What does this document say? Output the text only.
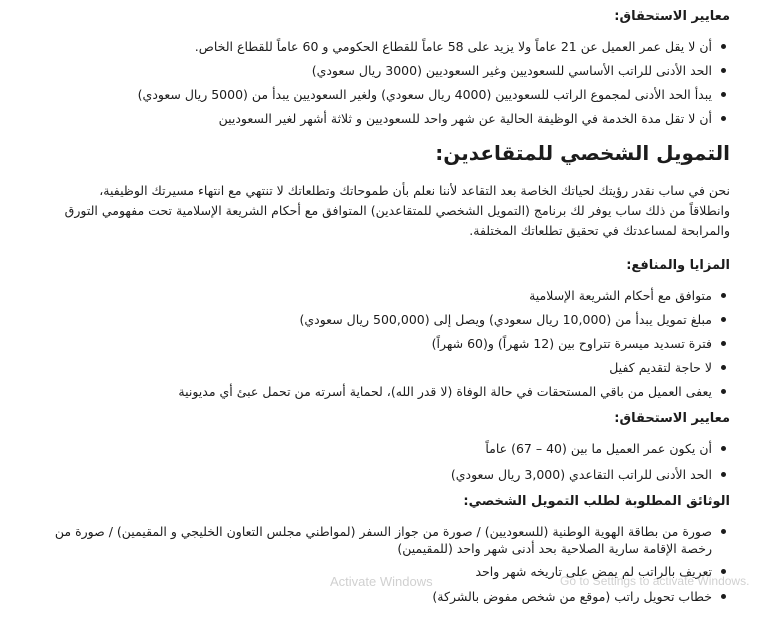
معايير الاستحقاق:

أن لا يقل عمر العميل عن 21 عاماً ولا يزيد على 58 عاماً للقطاع الحكومي و 60 عاماً للقطاع الخاص.
الحد الأدنى للراتب الأساسي للسعوديين وغير السعوديين (3000 ريال سعودي)
يبدأ الحد الأدنى لمجموع الراتب للسعوديين (4000 ريال سعودي) ولغير السعوديين يبدأ من (5000 ريال سعودي)
أن لا تقل مدة الخدمة في الوظيفة الحالية عن شهر واحد للسعوديين و ثلاثة أشهر لغير السعوديين
التمويل الشخصي للمتقاعدين:

نحن في ساب نقدر رؤيتك لحياتك الخاصة بعد التقاعد لأننا نعلم بأن طموحاتك وتطلعاتك لا تنتهي مع انتهاء مسيرتك الوظيفية،

وانطلاقاً من ذلك ساب يوفر لك برنامج (التمويل الشخصي للمتقاعدين) المتوافق مع أحكام الشريعة الإسلامية تحت مفهومي التورق

والمرابحة لمساعدتك في تحقيق تطلعاتك المختلفة.

المزايا والمنافع:

متوافق مع أحكام الشريعة الإسلامية
مبلغ تمويل يبدأ من (10,000 ريال سعودي) ويصل إلى (500,000 ريال سعودي)
فترة تسديد ميسرة تتراوح بين (12 شهراً) و(60 شهراً)
لا حاجة لتقديم كفيل
يعفى العميل من باقي المستحقات في حالة الوفاة (لا قدر الله)، لحماية أسرته من تحمل عبئ أي مديونية

معايير الاستحقاق:

أن يكون عمر العميل ما بين (40 – 67) عاماً
الحد الأدنى للراتب التقاعدي (3,000 ريال سعودي)

الوثائق المطلوبة لطلب التمويل الشخصي:

صورة من بطاقة الهوية الوطنية (للسعوديين) / صورة من جواز السفر (لمواطني مجلس التعاون الخليجي و المقيمين) / صورة من رخصة الإقامة سارية الصلاحية بحد أدنى شهر واحد (للمقيمين)
تعريف بالراتب لم يمض على تاريخه شهر واحد
خطاب تحويل راتب (موقع من شخص مفوض بالشركة)
Activate Windows	Go to Settings to activate Windows.
